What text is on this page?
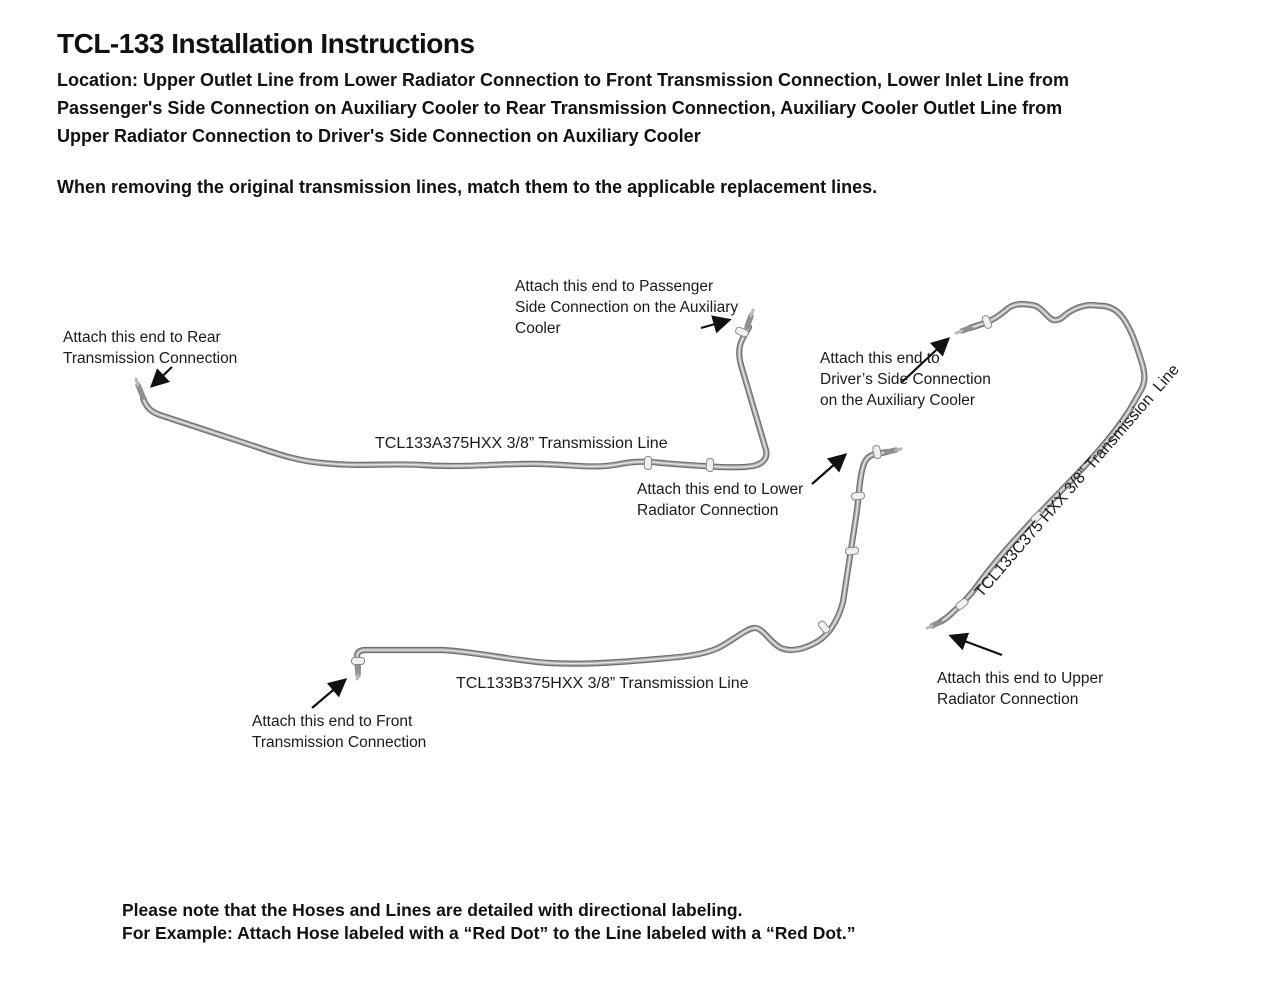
TCL-133 Installation Instructions
Location: Upper Outlet Line from Lower Radiator Connection to Front Transmission Connection, Lower Inlet Line from
Passenger's Side Connection on Auxiliary Cooler to Rear Transmission Connection, Auxiliary Cooler Outlet Line from
Upper Radiator Connection to Driver's Side Connection on Auxiliary Cooler
When removing the original transmission lines, match them to the applicable replacement lines.
Attach this end to Rear
Transmission Connection
Attach this end to Passenger
Side Connection on the Auxiliary
Cooler
Attach this end to
Driver’s Side Connection
on the Auxiliary Cooler
Attach this end to Lower
Radiator Connection
Attach this end to Front
Transmission Connection
Attach this end to Upper
Radiator Connection
TCL133A375HXX 3/8” Transmission Line
TCL133B375HXX 3/8” Transmission Line
TCL133C375 HXX 3/8” Transmission  Line
Please note that the Hoses and Lines are detailed with directional labeling.
For Example: Attach Hose labeled with a “Red Dot” to the Line labeled with a “Red Dot.”
